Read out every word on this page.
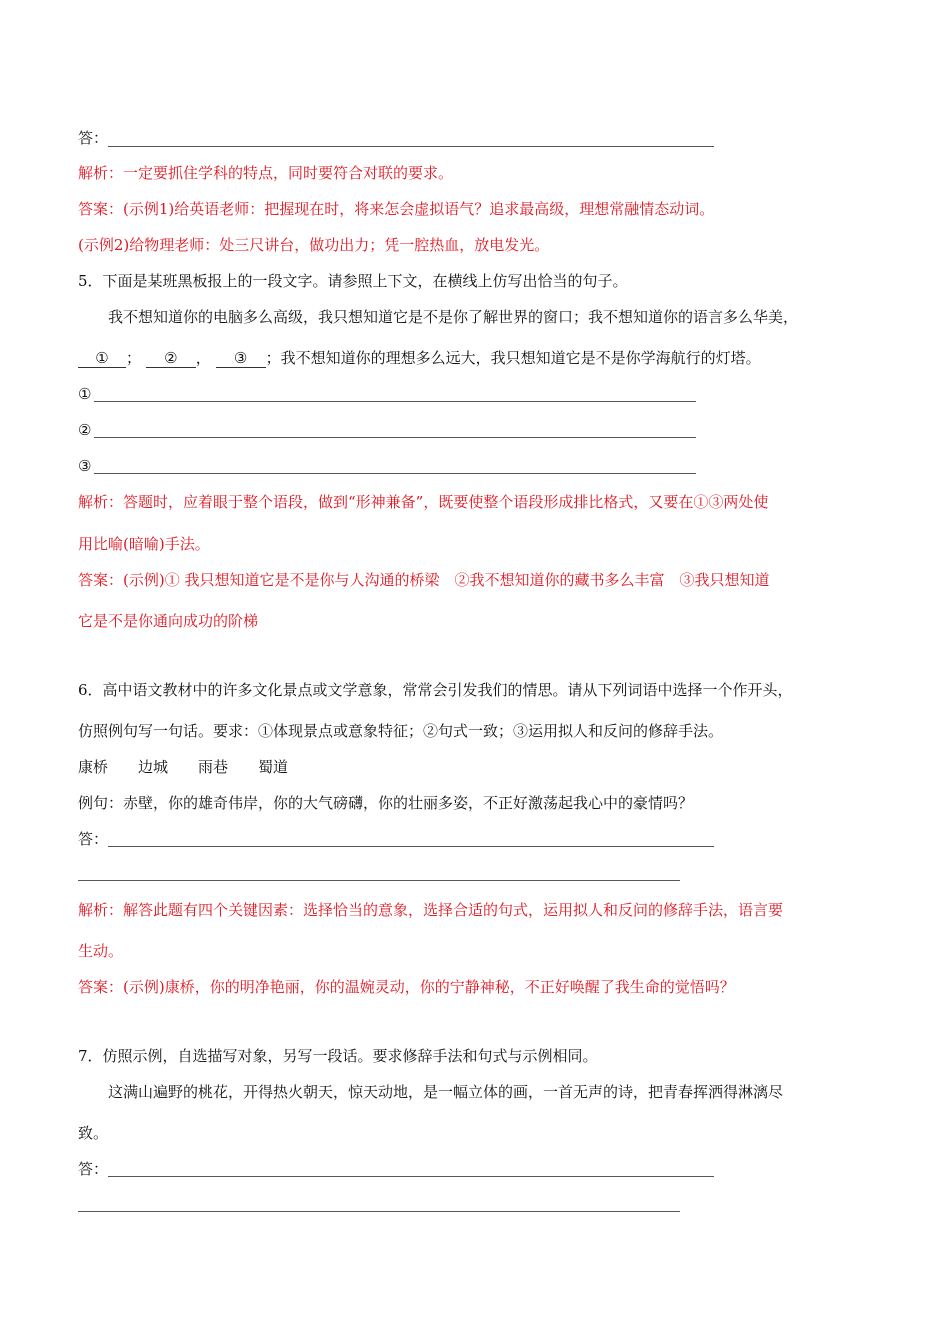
答：
解析：一定要抓住学科的特点，同时要符合对联的要求。
答案：(示例1)给英语老师：把握现在时，将来怎会虚拟语气？追求最高级，理想常融情态动词。
(示例2)给物理老师：处三尺讲台，做功出力；凭一腔热血，放电发光。
5．下面是某班黑板报上的一段文字。请参照上下文，在横线上仿写出恰当的句子。
我不想知道你的电脑多么高级，我只想知道它是不是你了解世界的窗口；我不想知道你的语言多么华美，
① ； ② ， ③ ；我不想知道你的理想多么远大，我只想知道它是不是你学海航行的灯塔。
①
②
③
解析：答题时，应着眼于整个语段，做到“形神兼备”，既要使整个语段形成排比格式，又要在①③两处使
用比喻(暗喻)手法。
答案：(示例)① 我只想知道它是不是你与人沟通的桥梁　②我不想知道你的藏书多么丰富　③我只想知道
它是不是你通向成功的阶梯
6．高中语文教材中的许多文化景点或文学意象，常常会引发我们的情思。请从下列词语中选择一个作开头，
仿照例句写一句话。要求：①体现景点或意象特征；②句式一致；③运用拟人和反问的修辞手法。
康桥 边城 雨巷 蜀道
例句：赤壁，你的雄奇伟岸，你的大气磅礴，你的壮丽多姿，不正好激荡起我心中的豪情吗？
答：
解析：解答此题有四个关键因素：选择恰当的意象，选择合适的句式，运用拟人和反问的修辞手法，语言要
生动。
答案：(示例)康桥，你的明净艳丽，你的温婉灵动，你的宁静神秘，不正好唤醒了我生命的觉悟吗？
7．仿照示例，自选描写对象，另写一段话。要求修辞手法和句式与示例相同。
这满山遍野的桃花，开得热火朝天，惊天动地，是一幅立体的画，一首无声的诗，把青春挥洒得淋漓尽
致。
答：
